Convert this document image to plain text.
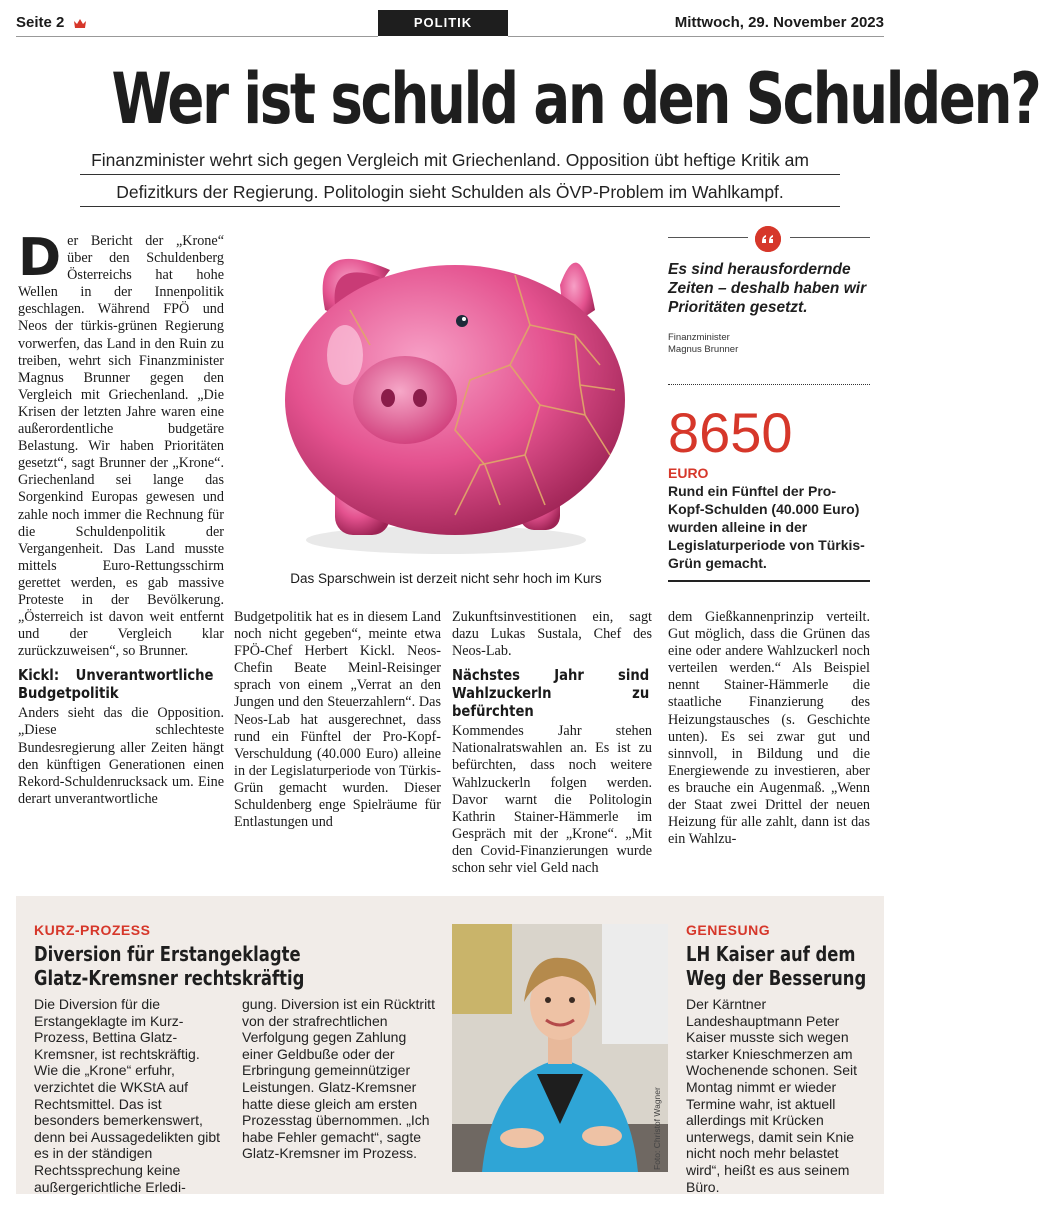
Seite 2	POLITIK	Mittwoch, 29. November 2023
Wer ist schuld an den Schulden?
Finanzminister wehrt sich gegen Vergleich mit Griechenland. Opposition übt heftige Kritik am
Defizitkurs der Regierung. Politologin sieht Schulden als ÖVP-Problem im Wahlkampf.

Der Bericht der „Krone“ über den Schuldenberg Österreichs hat hohe Wellen in der Innenpolitik geschlagen. Während FPÖ und Neos der türkis-grünen Regierung vorwerfen, das Land in den Ruin zu treiben, wehrt sich Finanzminister Magnus Brunner gegen den Vergleich mit Griechenland. „Die Krisen der letzten Jahre waren eine außerordentliche budgetäre Belastung. Wir haben Prioritäten gesetzt“, sagt Brunner der „Krone“. Griechenland sei lange das Sorgenkind Europas gewesen und zahle noch immer die Rechnung für die Schuldenpolitik der Vergangenheit. Das Land musste mittels Euro-Rettungsschirm gerettet werden, es gab massive Proteste in der Bevölkerung. „Österreich ist davon weit entfernt und der Vergleich klar zurückzuweisen“, so Brunner.

Kickl: Unverantwortliche Budgetpolitik

Anders sieht das die Opposition. „Diese schlechteste Bundesregierung aller Zeiten hängt den künftigen Generationen einen Rekord-Schuldenrucksack um. Eine derart unverantwortliche

Das Sparschwein ist derzeit nicht sehr hoch im Kurs
Es sind herausfordernde Zeiten – deshalb haben wir Prioritäten gesetzt.
Finanzminister
Magnus Brunner
8650
EURO
Rund ein Fünftel der Pro-Kopf-Schulden (40.000 Euro) wurden alleine in der Legislaturperiode von Türkis-Grün gemacht.

Budgetpolitik hat es in diesem Land noch nicht gegeben“, meinte etwa FPÖ-Chef Herbert Kickl. Neos-Chefin Beate Meinl-Reisinger sprach von einem „Verrat an den Jungen und den Steuerzahlern“. Das Neos-Lab hat ausgerechnet, dass rund ein Fünftel der Pro-Kopf-Verschuldung (40.000 Euro) alleine in der Legislaturperiode von Türkis-Grün gemacht wurden. Dieser Schuldenberg enge Spielräume für Entlastungen und

Zukunftsinvestitionen ein, sagt dazu Lukas Sustala, Chef des Neos-Lab.

Nächstes Jahr sind Wahlzuckerln zu befürchten

Kommendes Jahr stehen Nationalratswahlen an. Es ist zu befürchten, dass noch weitere Wahlzuckerln folgen werden. Davor warnt die Politologin Kathrin Stainer-Hämmerle im Gespräch mit der „Krone“. „Mit den Covid-Finanzierungen wurde schon sehr viel Geld nach

dem Gießkannenprinzip verteilt. Gut möglich, dass die Grünen das eine oder andere Wahlzuckerl noch verteilen werden.“ Als Beispiel nennt Stainer-Hämmerle die staatliche Finanzierung des Heizungstausches (s. Geschichte unten). Es sei zwar gut und sinnvoll, in Bildung und die Energiewende zu investieren, aber es brauche ein Augenmaß. „Wenn der Staat zwei Drittel der neuen Heizung für alle zahlt, dann ist das ein Wahlzu-

KURZ-PROZESS
Diversion für Erstangeklagte
Glatz-Kremsner rechtskräftig
Die Diversion für die Erstangeklagte im Kurz-Prozess, Bettina Glatz-Kremsner, ist rechtskräftig. Wie die „Krone“ erfuhr, verzichtet die WKStA auf Rechtsmittel. Das ist besonders bemerkenswert, denn bei Aussagedelikten gibt es in der ständigen Rechtssprechung keine außergerichtliche Erledi-
gung. Diversion ist ein Rücktritt von der strafrechtlichen Verfolgung gegen Zahlung einer Geldbuße oder der Erbringung gemeinnütziger Leistungen. Glatz-Kremsner hatte diese gleich am ersten Prozesstag übernommen. „Ich habe Fehler gemacht“, sagte Glatz-Kremsner im Prozess.	Foto: Christof Wagner
GENESUNG
LH Kaiser auf dem
Weg der Besserung
Der Kärntner Landeshauptmann Peter Kaiser musste sich wegen starker Knieschmerzen am Wochenende schonen. Seit Montag nimmt er wieder Termine wahr, ist aktuell allerdings mit Krücken unterwegs, damit sein Knie nicht noch mehr belastet wird“, heißt es aus seinem Büro.
